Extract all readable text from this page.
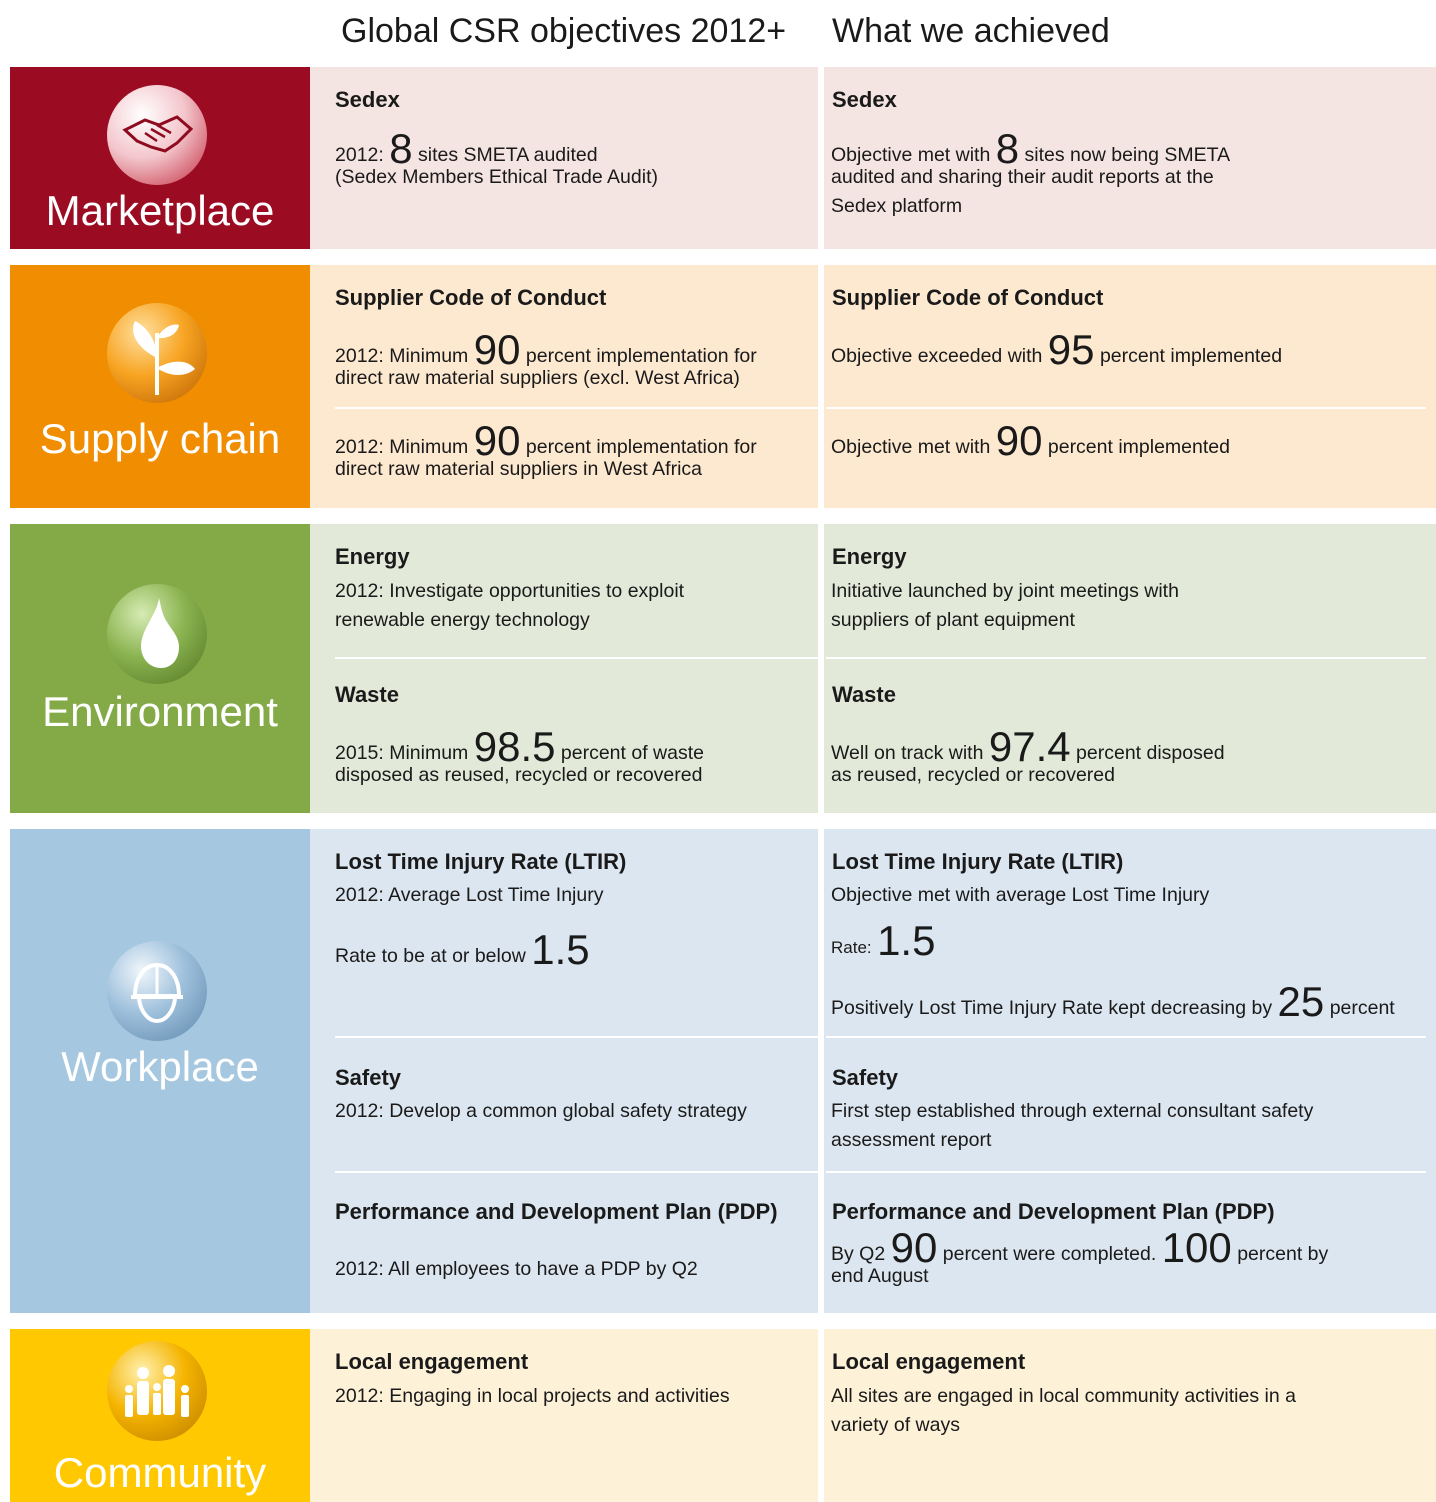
Global CSR objectives 2012+ What we achieved
Marketplace
Sedex
2012: 8 sites SMETA audited
(Sedex Members Ethical Trade Audit)
Sedex
Objective met with 8 sites now being SMETA
audited and sharing their audit reports at the
Sedex platform
Supply chain
Supplier Code of Conduct
2012: Minimum 90 percent implementation for
direct raw material suppliers (excl. West Africa)
2012: Minimum 90 percent implementation for
direct raw material suppliers in West Africa
Supplier Code of Conduct
Objective exceeded with 95 percent implemented
Objective met with 90 percent implemented
Environment
Energy
2012: Investigate opportunities to exploit
renewable energy technology
Waste
2015: Minimum 98.5 percent of waste
disposed as reused, recycled or recovered
Energy
Initiative launched by joint meetings with
suppliers of plant equipment
Waste
Well on track with 97.4 percent disposed
as reused, recycled or recovered
Workplace
Lost Time Injury Rate (LTIR)
2012: Average Lost Time Injury
Rate to be at or below 1.5
Safety
2012: Develop a common global safety strategy
Performance and Development Plan (PDP)
2012: All employees to have a PDP by Q2
Lost Time Injury Rate (LTIR)
Objective met with average Lost Time Injury
Rate: 1.5
Positively Lost Time Injury Rate kept decreasing by 25 percent
Safety
First step established through external consultant safety
assessment report
Performance and Development Plan (PDP)
By Q2 90 percent were completed. 100 percent by
end August
Community
Local engagement
2012: Engaging in local projects and activities
Local engagement
All sites are engaged in local community activities in a
variety of ways
